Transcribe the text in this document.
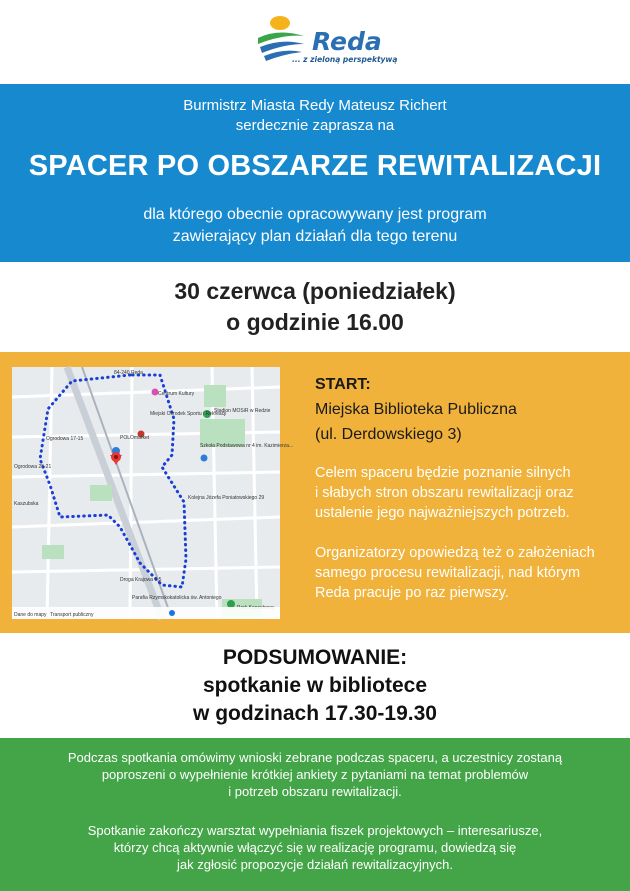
Reda
... z zieloną perspektywą
Burmistrz Miasta Redy Mateusz Richert
serdecznie zaprasza na
SPACER PO OBSZARZE REWITALIZACJI
dla którego obecnie opracowywany jest program
zawierający plan działań dla tego terenu
30 czerwca (poniedziałek)
o godzinie 16.00
84-240 Reda
Centrum Kultury
Miejski Ośrodek Sportu i Rekreacji
Stadion MOSiR w Redzie
Ogrodowa 17-15	POLOmarket
Szkoła Podstawowa nr 4 im. Kazimierza...
Ogrodowa 25-21
Kolejna Józefa Poniatowskiego 29
Kaszubska
Droga Krajowa 6 5
Parafia Rzymskokatolicka św. Antoniego
Dane do mapy Transport publiczny
START:
Miejska Biblioteka Publiczna
(ul. Derdowskiego 3)
Celem spaceru będzie poznanie silnych
i słabych stron obszaru rewitalizacji oraz
ustalenie jego najważniejszych potrzeb.
Organizatorzy opowiedzą też o założeniach
samego procesu rewitalizacji, nad którym
Reda pracuje po raz pierwszy.
PODSUMOWANIE:
spotkanie w bibliotece
w godzinach 17.30-19.30

Podczas spotkania omówimy wnioski zebrane podczas spaceru, a uczestnicy zostaną

poproszeni o wypełnienie krótkiej ankiety z pytaniami na temat problemów

i potrzeb obszaru rewitalizacji.

Spotkanie zakończy warsztat wypełniania fiszek projektowych – interesariusze,

którzy chcą aktywnie włączyć się w realizację programu, dowiedzą się

jak zgłosić propozycje działań rewitalizacyjnych.
